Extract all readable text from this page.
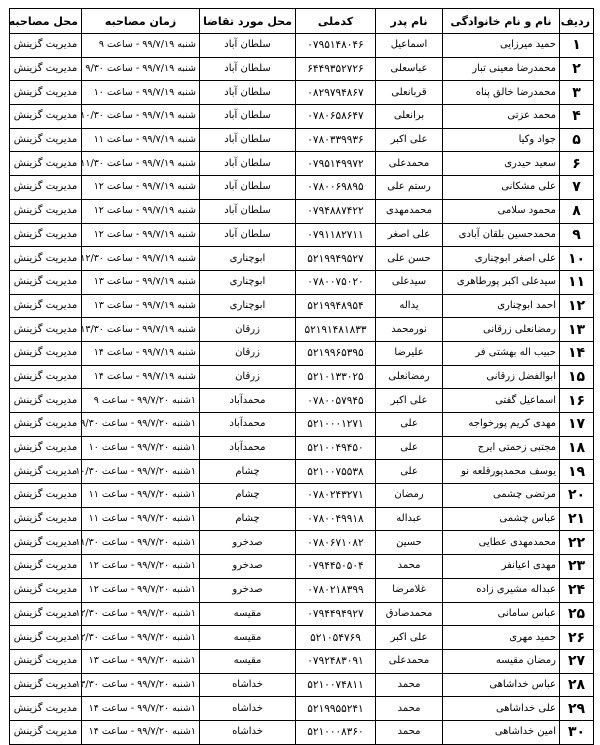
ردیف	نام و نام خانوادگی	نام پدر	کدملی	محل مورد تقاضا	زمان مصاحبه	محل مصاحبه
۱	حمید میرزایی	اسماعیل	۰۷۹۵۱۴۸۰۴۶	سلطان آباد	شنبه ۹۹/۷/۱۹ - ساعت ۹	مدیریت گزینش
۲	محمدرضا معینی تبار	عباسعلی	۶۴۴۹۳۵۲۷۲۶	سلطان آباد	شنبه ۹۹/۷/۱۹ - ساعت ۹/۳۰	مدیریت گزینش
۳	محمدرضا خالق پناه	قربانعلی	۰۸۲۹۷۹۴۸۶۷	سلطان آباد	شنبه ۹۹/۷/۱۹ - ساعت ۱۰	مدیریت گزینش
۴	محمد عزتی	برانعلی	۰۷۸۰۶۵۸۶۴۷	سلطان آباد	شنبه ۹۹/۷/۱۹ - ساعت ۱۰/۳۰	مدیریت گزینش
۵	جواد وکیا	علی اکبر	۰۷۸۰۳۳۹۹۳۶	سلطان آباد	شنبه ۹۹/۷/۱۹ - ساعت ۱۱	مدیریت گزینش
۶	سعید حیدری	محمدعلی	۰۷۹۵۱۴۹۹۷۲	سلطان آباد	شنبه ۹۹/۷/۱۹ - ساعت ۱۱/۳۰	مدیریت گزینش
۷	علی مشکانی	رستم علی	۰۷۸۰۰۶۹۸۹۵	سلطان آباد	شنبه ۹۹/۷/۱۹ - ساعت ۱۲	مدیریت گزینش
۸	محمود سلامی	محمدمهدی	۰۷۹۴۸۸۷۴۲۲	سلطان آباد	شنبه ۹۹/۷/۱۹ - ساعت ۱۲	مدیریت گزینش
۹	محمدحسین بلقان آبادی	علی اصغر	۰۷۹۱۱۸۲۷۱۱	سلطان آباد	شنبه ۹۹/۷/۱۹ - ساعت ۱۲	مدیریت گزینش
۱۰	علی اصغر ابوچناری	حسن علی	۵۲۱۹۹۴۹۵۲۷	ابوچناری	شنبه ۹۹/۷/۱۹ - ساعت ۱۲/۳۰	مدیریت گزینش
۱۱	سیدعلی اکبر پورطاهری	سیدعلی	۰۷۸۰۰۷۵۰۲۰	ابوچناری	شنبه ۹۹/۷/۱۹ - ساعت ۱۳	مدیریت گزینش
۱۲	احمد ابوچناری	یداله	۵۲۱۹۹۴۸۹۵۴	ابوچناری	شنبه ۹۹/۷/۱۹ - ساعت ۱۳	مدیریت گزینش
۱۳	رمضانعلی زرقانی	نورمحمد	۵۲۱۹۱۴۸۱۸۳۳	زرقان	شنبه ۹۹/۷/۱۹ - ساعت ۱۳/۳۰	مدیریت گزینش
۱۴	حبیب اله بهشتی فر	علیرضا	۵۲۱۹۹۶۵۳۹۵	زرقان	شنبه ۹۹/۷/۱۹ - ساعت ۱۴	مدیریت گزینش
۱۵	ابوالفضل زرقانی	رمضانعلی	۵۲۱۰۱۳۳۰۲۵	زرقان	شنبه ۹۹/۷/۱۹ - ساعت ۱۴	مدیریت گزینش
۱۶	اسماعیل گفتی	علی اکبر	۰۷۸۰۰۵۷۹۴۵	محمدآباد	۱شنبه ۹۹/۷/۲۰ - ساعت ۹	مدیریت گزینش
۱۷	مهدی کریم پورخواجه	علی	۵۲۱۰۰۰۱۲۷۱	محمدآباد	۱شنبه ۹۹/۷/۲۰ - ساعت ۹/۳۰	مدیریت گزینش
۱۸	مجتبی زحمتی ایرج	علی	۵۲۱۰۰۴۹۴۵۰	محمدآباد	۱شنبه ۹۹/۷/۲۰ - ساعت ۱۰	مدیریت گزینش
۱۹	یوسف محمدپورقلعه نو	علی	۵۲۱۰۰۷۵۵۳۸	چشام	۱شنبه ۹۹/۷/۲۰ - ساعت ۱۰/۳۰	مدیریت گزینش
۲۰	مرتضی چشمی	رمضان	۰۷۸۰۲۴۳۲۷۱	چشام	۱شنبه ۹۹/۷/۲۰ - ساعت ۱۱	مدیریت گزینش
۲۱	عباس چشمی	عبداله	۰۷۸۰۰۴۹۹۱۸	چشام	۱شنبه ۹۹/۷/۲۰ - ساعت ۱۱	مدیریت گزینش
۲۲	محمدمهدی عطایی	حسین	۰۷۸۰۶۷۱۰۸۲	صدخرو	۱شنبه ۹۹/۷/۲۰ - ساعت ۱۱/۳۰	مدیریت گزینش
۲۳	مهدی اعیانفر	محمد	۰۷۹۴۴۵۰۵۰۴	صدخرو	۱شنبه ۹۹/۷/۲۰ - ساعت ۱۲	مدیریت گزینش
۲۴	عبداله مشیری زاده	غلامرضا	۰۷۸۰۲۱۸۳۹۹	صدخرو	۱شنبه ۹۹/۷/۲۰ - ساعت ۱۲	مدیریت گزینش
۲۵	عباس سامانی	محمدصادق	۰۷۹۴۴۹۴۹۲۷	مقیسه	۱شنبه ۹۹/۷/۲۰ - ساعت ۱۲/۳۰	مدیریت گزینش
۲۶	حمید مهری	علی اکبر	۵۲۱۰۵۴۷۶۹	مقیسه	۱شنبه ۹۹/۷/۲۰ - ساعت ۱۲/۳۰	مدیریت گزینش
۲۷	رمضان مقیسه	محمدعلی	۰۷۹۲۴۸۳۰۹۱	مقیسه	۱شنبه ۹۹/۷/۲۰ - ساعت ۱۳	مدیریت گزینش
۲۸	عباس خداشاهی	محمد	۵۲۱۰۰۷۴۸۱۱	خداشاه	۱شنبه ۹۹/۷/۲۰ - ساعت ۱۳/۳۰	مدیریت گزینش
۲۹	علی خداشاهی	محمد	۵۲۱۹۹۵۵۲۴۱	خداشاه	۱شنبه ۹۹/۷/۲۰ - ساعت ۱۴	مدیریت گزینش
۳۰	امین خداشاهی	محمد	۵۲۱۰۰۰۸۳۶۰	خداشاه	۱شنبه ۹۹/۷/۲۰ - ساعت ۱۴	مدیریت گزینش
